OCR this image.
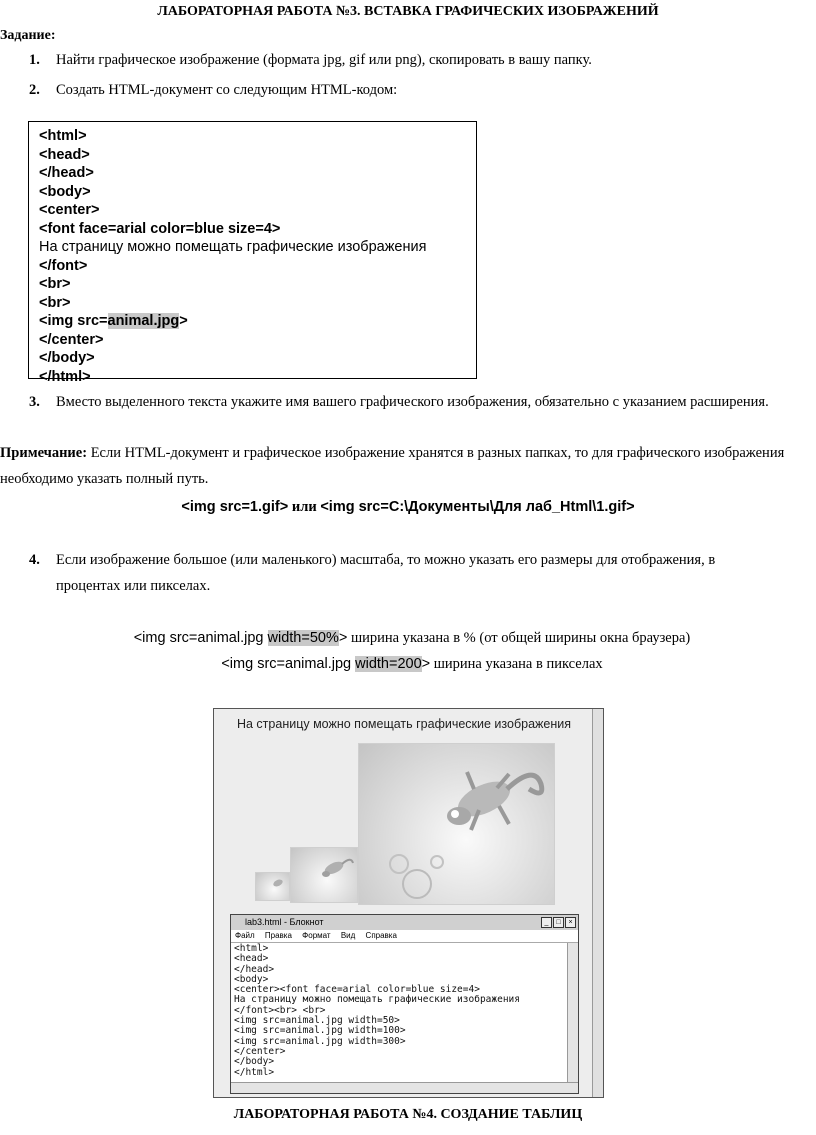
ЛАБОРАТОРНАЯ РАБОТА №3. ВСТАВКА ГРАФИЧЕСКИХ ИЗОБРАЖЕНИЙ
Задание:
1. Найти графическое изображение (формата jpg, gif или png), скопировать в вашу папку.
2. Создать HTML-документ со следующим HTML-кодом:
<html>
<head>
</head>
<body>
<center>
<font face=arial color=blue size=4>
На страницу можно помещать графические изображения
</font>
<br>
<br>
<img src=animal.jpg>
</center>
</body>
</html>
3. Вместо выделенного текста укажите имя вашего графического изображения, обязательно с указанием расширения.
Примечание: Если HTML-документ и графическое изображение хранятся в разных папках, то для графического изображения
необходимо указать полный путь.
<img src=1.gif> или <img src=C:\Документы\Для лаб_Html\1.gif>
4. Если изображение большое (или маленького) масштаба, то можно указать его размеры для отображения, в
процентах или пикселах.
<img src=animal.jpg width=50%> ширина указана в % (от общей ширины окна браузера)
<img src=animal.jpg width=200> ширина указана в пикселах
На страницу можно помещать графические изображения
lab3.html - Блокнот	_	□	×
Файл Правка Формат Вид Справка
<html>
<head>
</head>
<body>
<center><font face=arial color=blue size=4>
На страницу можно помещать графические изображения
</font><br> <br>
<img src=animal.jpg width=50>
<img src=animal.jpg width=100>
<img src=animal.jpg width=300>
</center>
</body>
</html>
ЛАБОРАТОРНАЯ РАБОТА №4. СОЗДАНИЕ ТАБЛИЦ
